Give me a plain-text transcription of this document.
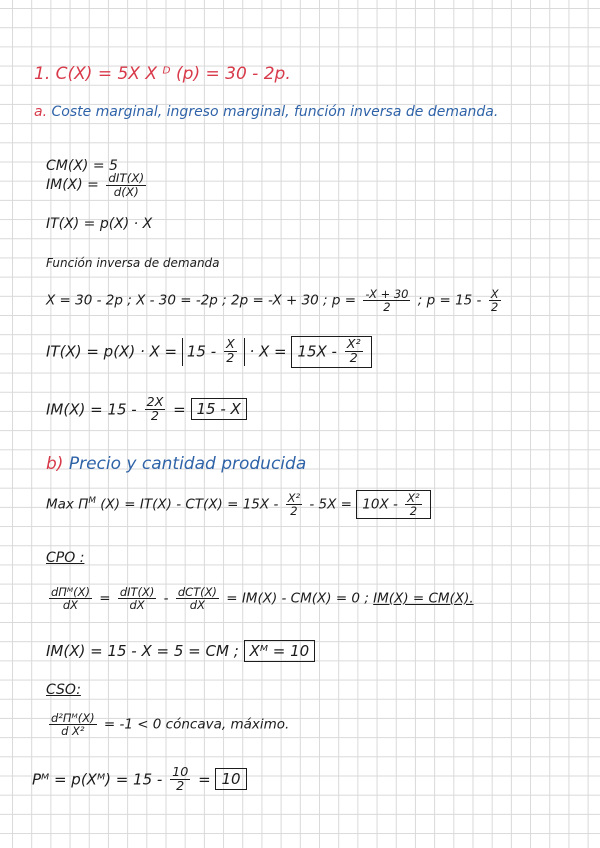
1. C(X) = 5X X ᴰ (p) = 30 - 2p.
a. Coste marginal, ingreso marginal, función inversa de demanda.
CM(X) = 5
$IM(X) = \frac{\text{dIT(X)}}{d(X)}$
IT(X) = p(X) · X
Función inversa de demanda
X = 30 - 2p ; X - 30 = -2p ; 2p = -X + 30 ; $p = \frac{-X + 30}{2}$ ; $p = 15 - \frac{X}{2}$
$IT(X) = p(X) \cdot X = 15 - \frac{X}{2} \cdot X = 15X - \frac{\text{X²}}{2}$
$IM(X) = 15 - \frac{2X}{2} = 15 - X$
b) Precio y cantidad producida
Max $\Pi^M$ $(X) = IT(X) - CT(X) = 15X - \frac{\text{X²}}{2} - 5X = 10X - \frac{\text{X²}}{2}$
CPO :
$\frac{\text{dΠᴹ(X)}}{dX} = \frac{\text{dIT(X)}}{dX} - \frac{\text{dCT(X)}}{dX} = IM(X) - CM(X) = 0$ ; IM(X) = CM(X).
IM(X) = 15 - X = 5 = CM ; Xᴹ = 10
CSO:
$\frac{\text{d²Πᴹ(X)}}{\text{d X²}} = -1 < 0$ cóncava, máximo.
Pᴹ = p(Xᴹ) = $15 - \frac{10}{2} = 10$
